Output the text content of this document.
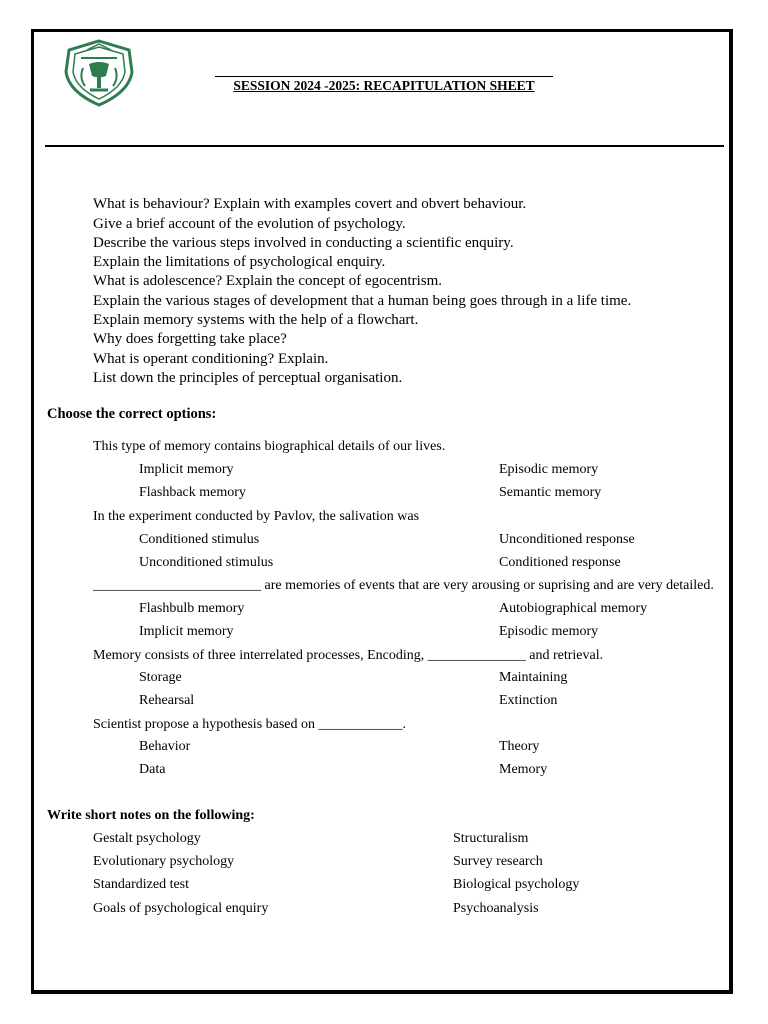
SESSION 2024 -2025: RECAPITULATION SHEET
What is behaviour? Explain with examples covert and obvert behaviour.
Give a brief account of the evolution of psychology.
Describe the various steps involved in conducting a scientific enquiry.
Explain the limitations of psychological enquiry.
What is adolescence? Explain the concept of egocentrism.
Explain the various stages of development that a human being goes through in a life time.
Explain memory systems with the help of a flowchart.
Why does forgetting take place?
What is operant conditioning? Explain.
List down the principles of perceptual organisation.
Choose the correct options:
This type of memory contains biographical details of our lives.
Implicit memory	Episodic memory
Flashback memory	Semantic memory
In the experiment conducted by Pavlov, the salivation was
Conditioned stimulus	Unconditioned response
Unconditioned stimulus	Conditioned response
________________________ are memories of events that are very arousing or suprising and are very detailed.
Flashbulb memory	Autobiographical memory
Implicit memory	Episodic memory
Memory consists of three interrelated processes, Encoding, ______________ and retrieval.
Storage	Maintaining
Rehearsal	Extinction
Scientist propose a hypothesis based on ____________.
Behavior	Theory
Data	Memory
Write short notes on the following:
Gestalt psychology	Structuralism
Evolutionary psychology	Survey research
Standardized test	Biological psychology
Goals of psychological enquiry	Psychoanalysis
